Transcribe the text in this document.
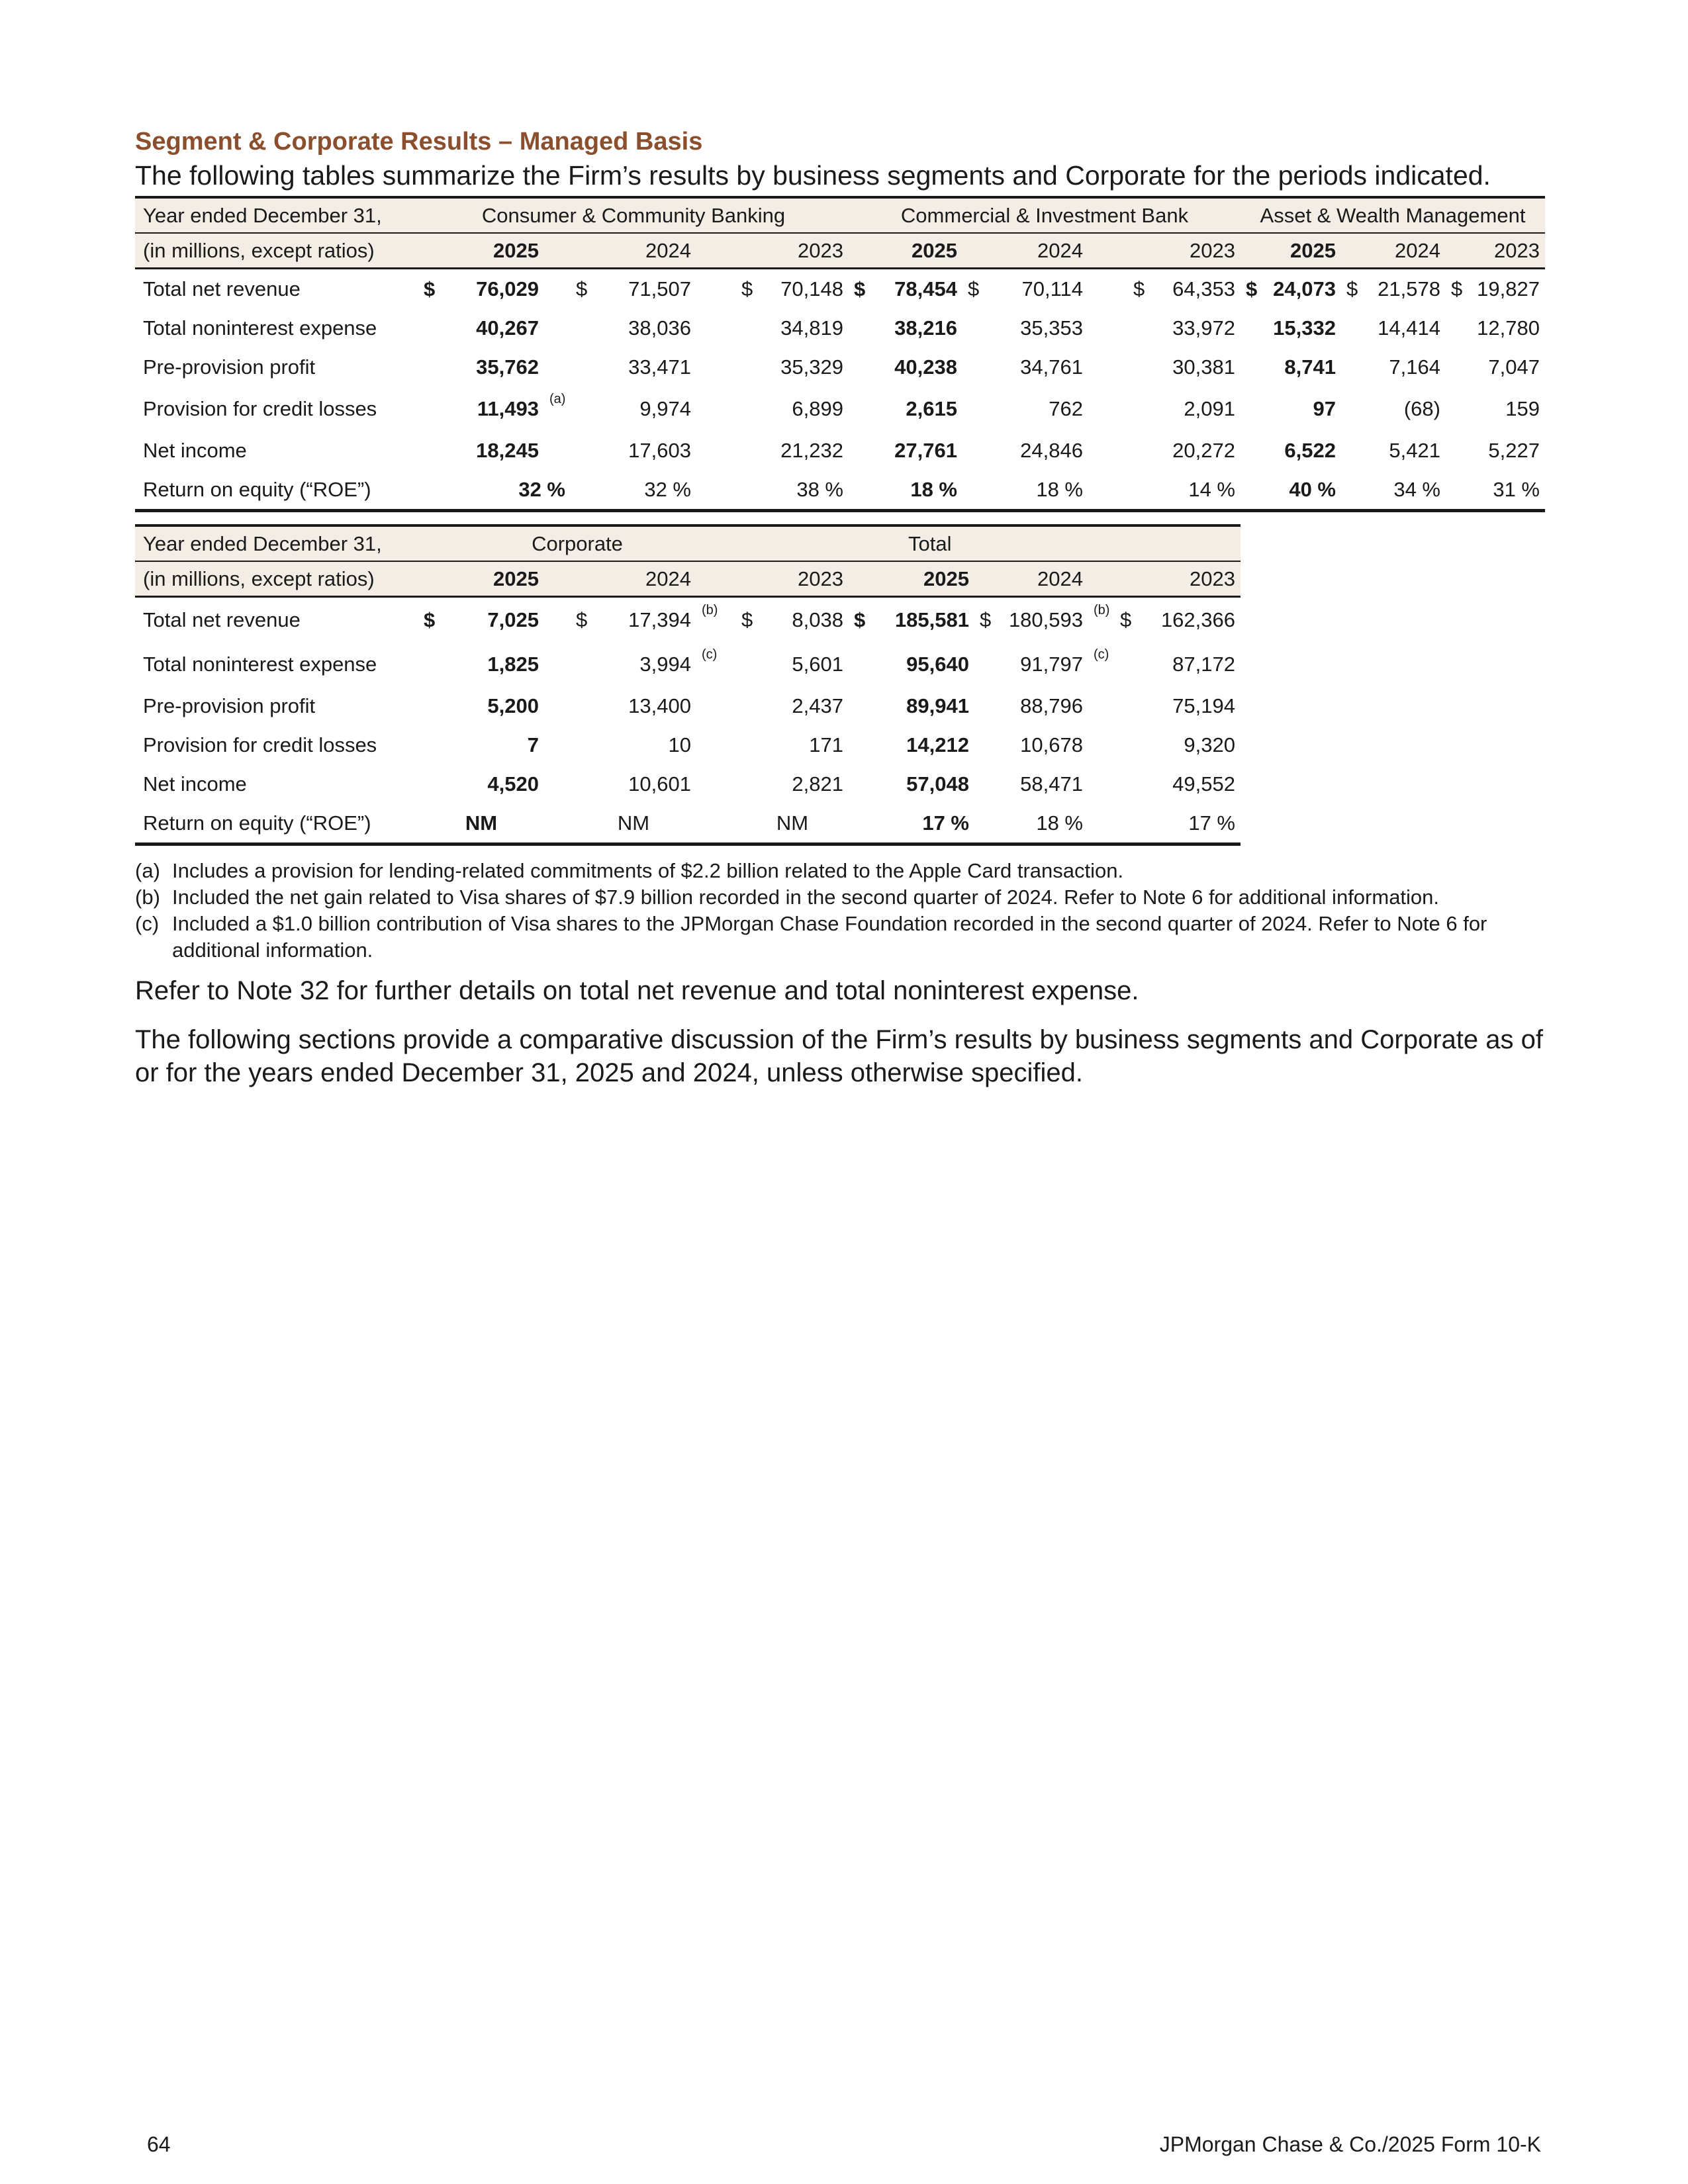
Segment & Corporate Results – Managed Basis

The following tables summarize the Firm’s results by business segments and Corporate for the periods indicated.

Year ended December 31,	Consumer & Community Banking				Commercial & Investment Bank			Asset & Wealth Management		
(in millions, except ratios)	2025		2024	2023	2025	2024	2023	2025	2024	2023
Total net revenue	$ 76,029		$ 71,507	$ 70,148	$ 78,454	$ 70,114	$ 64,353	$ 24,073	$ 21,578	$ 19,827
Total noninterest expense	40,267		38,036	34,819	38,216	35,353	33,972	15,332	14,414	12,780
Pre-provision profit	35,762		33,471	35,329	40,238	34,761	30,381	8,741	7,164	7,047
Provision for credit losses	11,493	(a)	9,974	6,899	2,615	762	2,091	97	(68)	159
Net income	18,245		17,603	21,232	27,761	24,846	20,272	6,522	5,421	5,227
Return on equity (“ROE”)	32 %		32 %	38 %	18 %	18 %	14 %	40 %	34 %	31 %
Year ended December 31,	Corporate					Total			
(in millions, except ratios)	2025		2024		2023	2025	2024		2023
Total net revenue	$ 7,025		$ 17,394	(b)	$ 8,038	$ 185,581	$ 180,593	(b)	$ 162,366
Total noninterest expense	1,825		3,994	(c)	5,601	95,640	91,797	(c)	87,172
Pre-provision profit	5,200		13,400		2,437	89,941	88,796		75,194
Provision for credit losses	7		10		171	14,212	10,678		9,320
Net income	4,520		10,601		2,821	57,048	58,471		49,552
Return on equity (“ROE”)	NM		NM		NM	17 %	18 %		17 %
(a) Includes a provision for lending-related commitments of $2.2 billion related to the Apple Card transaction.
(b) Included the net gain related to Visa shares of $7.9 billion recorded in the second quarter of 2024. Refer to Note 6 for additional information.
(c) Included a $1.0 billion contribution of Visa shares to the JPMorgan Chase Foundation recorded in the second quarter of 2024. Refer to Note 6 for additional information.

Refer to Note 32 for further details on total net revenue and total noninterest expense.

The following sections provide a comparative discussion of the Firm’s results by business segments and Corporate as of or for the years ended December 31, 2025 and 2024, unless otherwise specified.

64	JPMorgan Chase & Co./2025 Form 10-K
